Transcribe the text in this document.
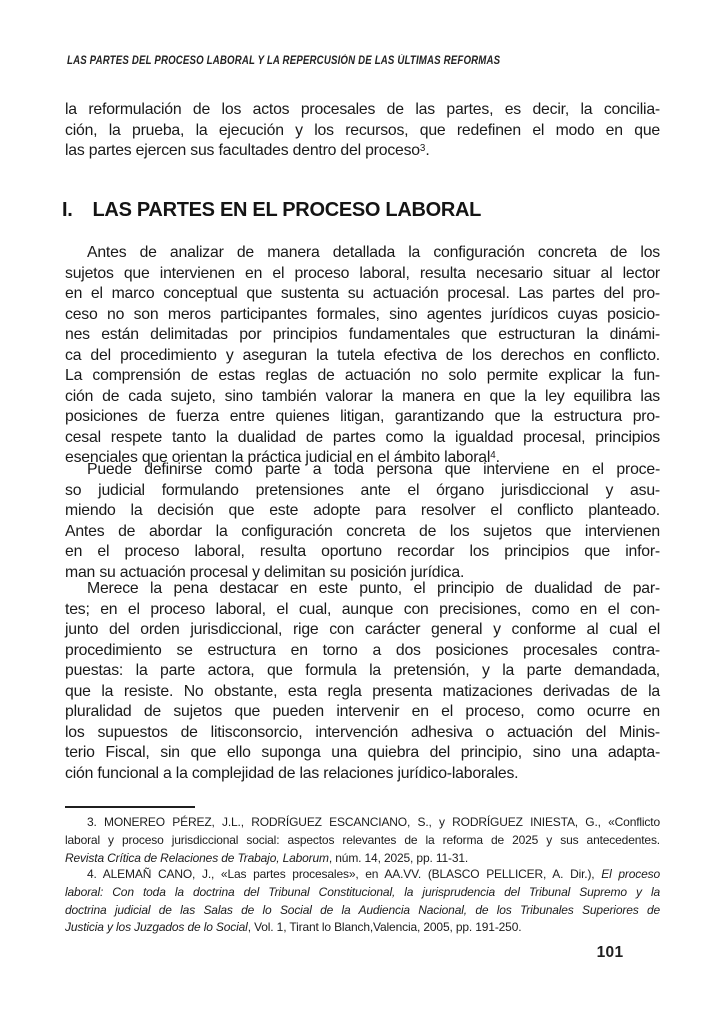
LAS PARTES DEL PROCESO LABORAL Y LA REPERCUSIÓN DE LAS ÚLTIMAS REFORMAS
la reformulación de los actos procesales de las partes, es decir, la concilia-
ción, la prueba, la ejecución y los recursos, que redefinen el modo en que
las partes ejercen sus facultades dentro del proceso$^3$.
I. LAS PARTES EN EL PROCESO LABORAL
Antes de analizar de manera detallada la configuración concreta de los
sujetos que intervienen en el proceso laboral, resulta necesario situar al lector
en el marco conceptual que sustenta su actuación procesal. Las partes del pro-
ceso no son meros participantes formales, sino agentes jurídicos cuyas posicio-
nes están delimitadas por principios fundamentales que estructuran la dinámi-
ca del procedimiento y aseguran la tutela efectiva de los derechos en conflicto.
La comprensión de estas reglas de actuación no solo permite explicar la fun-
ción de cada sujeto, sino también valorar la manera en que la ley equilibra las
posiciones de fuerza entre quienes litigan, garantizando que la estructura pro-
cesal respete tanto la dualidad de partes como la igualdad procesal, principios
esenciales que orientan la práctica judicial en el ámbito laboral$^4$.
Puede definirse como parte a toda persona que interviene en el proce-
so judicial formulando pretensiones ante el órgano jurisdiccional y asu-
miendo la decisión que este adopte para resolver el conflicto planteado.
Antes de abordar la configuración concreta de los sujetos que intervienen
en el proceso laboral, resulta oportuno recordar los principios que infor-
man su actuación procesal y delimitan su posición jurídica.
Merece la pena destacar en este punto, el principio de dualidad de par-
tes; en el proceso laboral, el cual, aunque con precisiones, como en el con-
junto del orden jurisdiccional, rige con carácter general y conforme al cual el
procedimiento se estructura en torno a dos posiciones procesales contra-
puestas: la parte actora, que formula la pretensión, y la parte demandada,
que la resiste. No obstante, esta regla presenta matizaciones derivadas de la
pluralidad de sujetos que pueden intervenir en el proceso, como ocurre en
los supuestos de litisconsorcio, intervención adhesiva o actuación del Minis-
terio Fiscal, sin que ello suponga una quiebra del principio, sino una adapta-
ción funcional a la complejidad de las relaciones jurídico-laborales.
3. MONEREO PÉREZ, J.L., RODRÍGUEZ ESCANCIANO, S., y RODRÍGUEZ INIESTA, G., «Conflicto
laboral y proceso jurisdiccional social: aspectos relevantes de la reforma de 2025 y sus antecedentes.
Revista Crítica de Relaciones de Trabajo, Laborum, núm. 14, 2025, pp. 11-31.
4. ALEMAÑ CANO, J., «Las partes procesales», en AA.VV. (BLASCO PELLICER, A. Dir.), El proceso
laboral: Con toda la doctrina del Tribunal Constitucional, la jurisprudencia del Tribunal Supremo y la
doctrina judicial de las Salas de lo Social de la Audiencia Nacional, de los Tribunales Superiores de
Justicia y los Juzgados de lo Social, Vol. 1, Tirant lo Blanch,Valencia, 2005, pp. 191-250.
101
